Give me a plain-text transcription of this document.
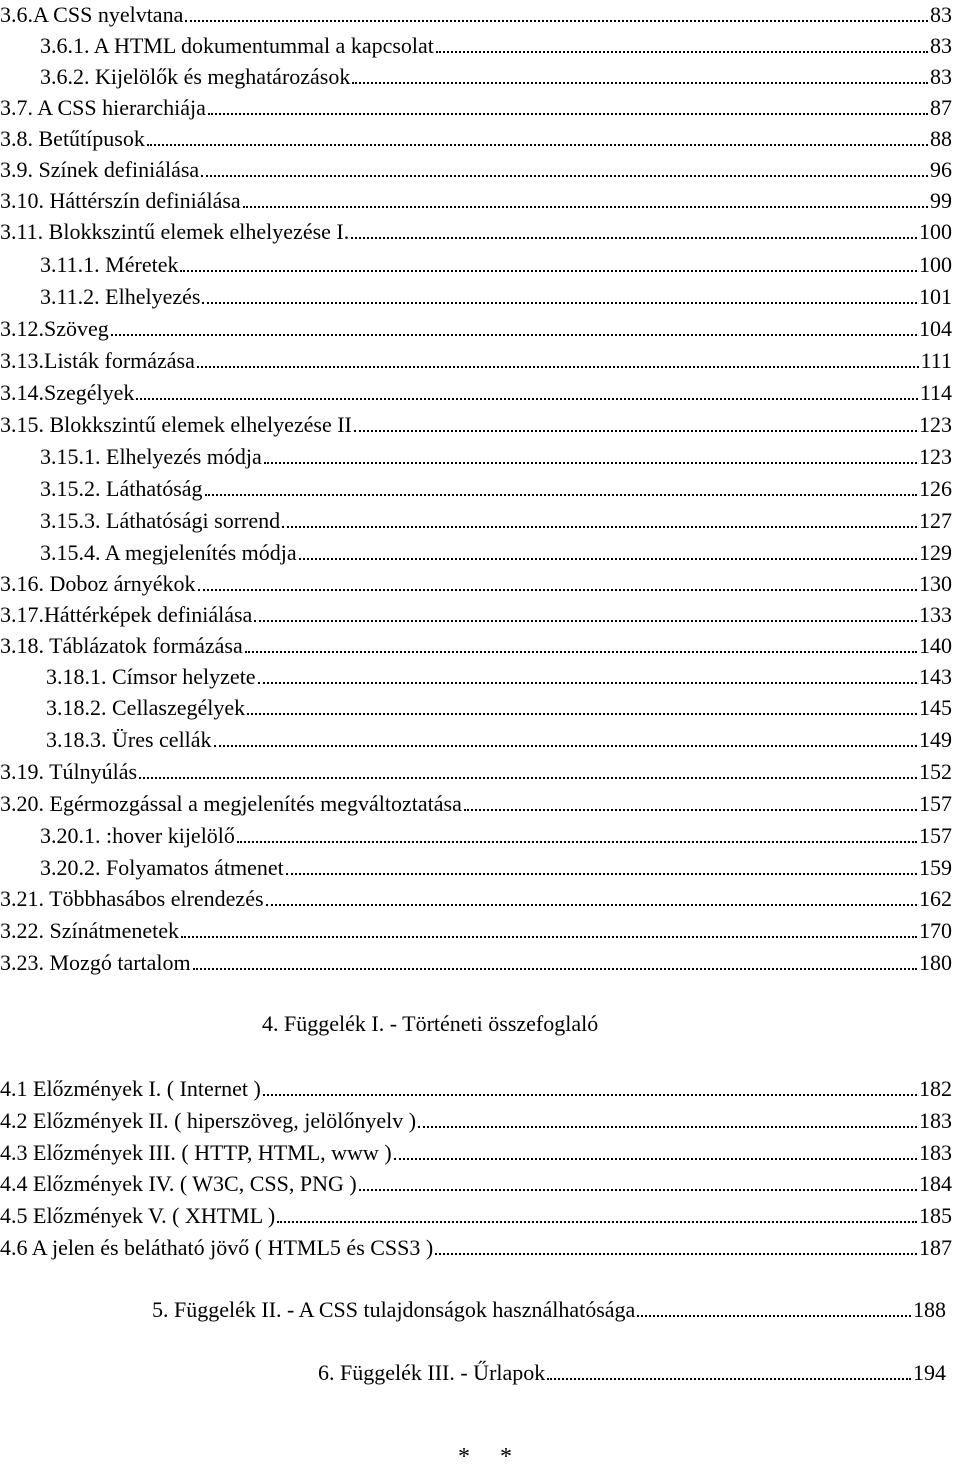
3.6.A CSS nyelvtana	83
3.6.1. A HTML dokumentummal a kapcsolat	83
3.6.2. Kijelölők és meghatározások	83
3.7. A CSS hierarchiája	87
3.8. Betűtípusok	88
3.9. Színek definiálása	96
3.10. Háttérszín definiálása	99
3.11. Blokkszintű elemek elhelyezése I.	100
3.11.1. Méretek	100
3.11.2. Elhelyezés	101
3.12.Szöveg	104
3.13.Listák formázása	111
3.14.Szegélyek	114
3.15. Blokkszintű elemek elhelyezése II	123
3.15.1. Elhelyezés módja	123
3.15.2. Láthatóság	126
3.15.3. Láthatósági sorrend	127
3.15.4. A megjelenítés módja	129
3.16. Doboz árnyékok	130
3.17.Háttérképek definiálása	133
3.18. Táblázatok formázása	140
3.18.1. Címsor helyzete	143
3.18.2. Cellaszegélyek	145
3.18.3. Üres cellák	149
3.19. Túlnyúlás	152
3.20. Egérmozgással a megjelenítés megváltoztatása	157
3.20.1. :hover kijelölő	157
3.20.2. Folyamatos átmenet	159
3.21. Többhasábos elrendezés	162
3.22. Színátmenetek	170
3.23. Mozgó tartalom	180
4. Függelék I. - Történeti összefoglaló
4.1 Előzmények I. ( Internet )	182
4.2 Előzmények II. ( hiperszöveg, jelölőnyelv )	183
4.3 Előzmények III. ( HTTP, HTML, www )	183
4.4 Előzmények IV. ( W3C, CSS, PNG )	184
4.5 Előzmények V. ( XHTML )	185
4.6 A jelen és belátható jövő ( HTML5 és CSS3 )	187
5. Függelék II. - A CSS tulajdonságok használhatósága	188
6. Függelék III. - Űrlapok	194
* *
